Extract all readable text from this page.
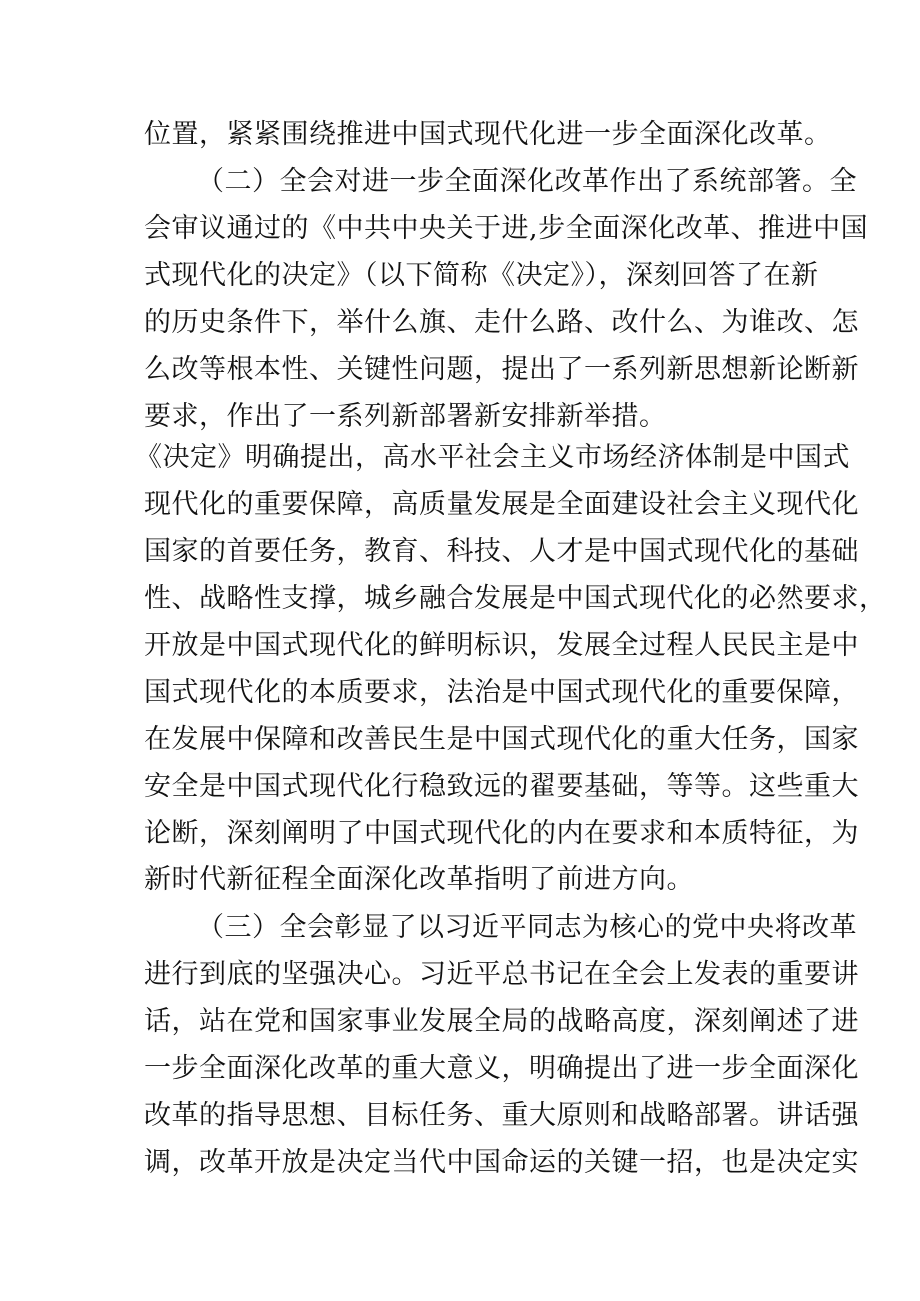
位置，紧紧围绕推进中国式现代化进一步全面深化改革。
（二）全会对进一步全面深化改革作出了系统部箸。全
会审议通过的《中共中央关于进,步全面深化改革、推进中国
式现代化的决定》（以下简称《决定》），深刻回答了在新
的历史条件下，举什么旗、走什么路、改什么、为谁改、怎
么改等根本性、关键性问题，提出了一系列新思想新论断新
要求，作出了一系列新部署新安排新举措。
《决定》明确提出，高水平社会主义市场经济体制是中国式
现代化的重要保障，高质量发展是全面建设社会主义现代化
国家的首要任务，教育、科技、人才是中国式现代化的基础
性、战略性支撑，城乡融合发展是中国式现代化的必然要求，
开放是中国式现代化的鲜明标识，发展全过程人民民主是中
国式现代化的本质要求，法治是中国式现代化的重要保障，
在发展中保障和改善民生是中国式现代化的重大任务，国家
安全是中国式现代化行稳致远的翟要基础，等等。这些重大
论断，深刻阐明了中国式现代化的内在要求和本质特征，为
新时代新征程全面深化改革指明了前进方向。
（三）全会彰显了以习近平同志为核心的党中央将改革
进行到底的坚强决心。习近平总书记在全会上发表的重要讲
话，站在党和国家事业发展全局的战略高度，深刻阐述了进
一步全面深化改革的重大意义，明确提出了进一步全面深化
改革的指导思想、目标任务、重大原则和战略部署。讲话强
调，改革开放是决定当代中国命运的关键一招，也是决定实
